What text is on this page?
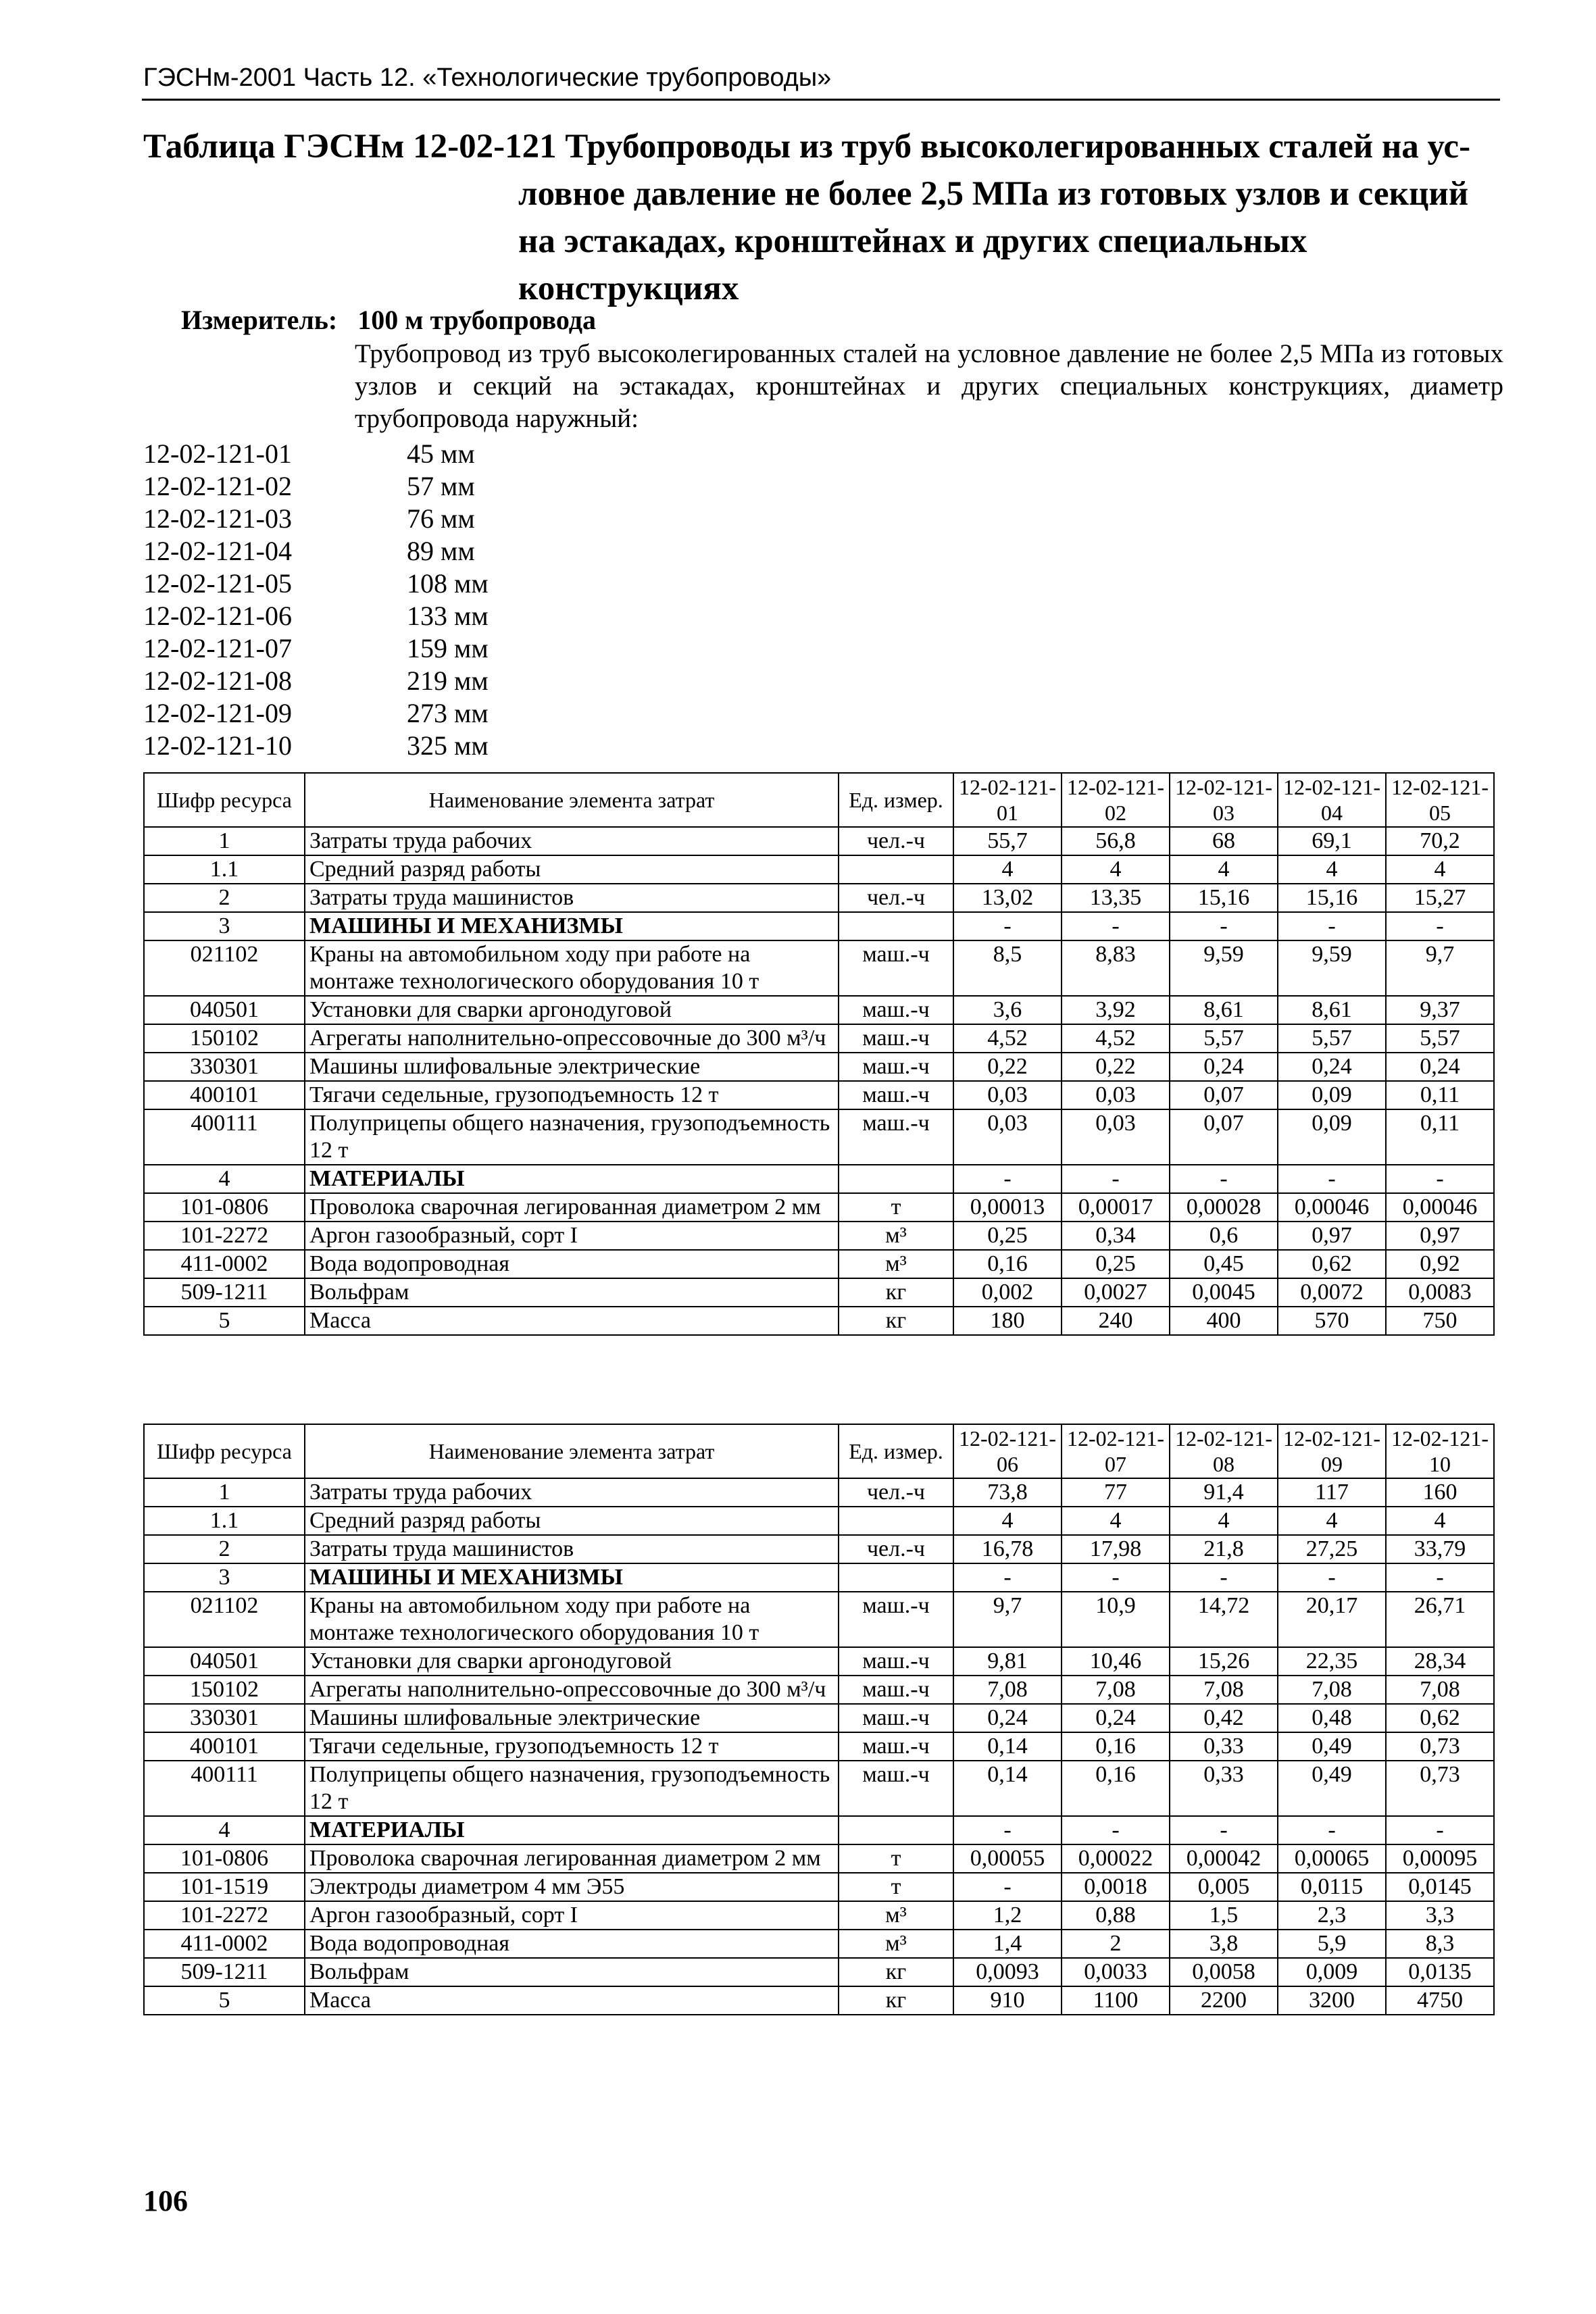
ГЭСНм-2001 Часть 12. «Технологические трубопроводы»
Таблица ГЭСНм 12-02-121 Трубопроводы из труб высоколегированных сталей на ус-
ловное давление не более 2,5 МПа из готовых узлов и секций на эстакадах, кронштейнах и других специальных конструкциях
Измеритель: 100 м трубопровода
Трубопровод из труб высоколегированных сталей на условное давление не более 2,5 МПа из готовых узлов и секций на эстакадах, кронштейнах и других специальных конструкциях, диаметр трубопровода наружный:
12-02-121-01	45 мм
12-02-121-02	57 мм
12-02-121-03	76 мм
12-02-121-04	89 мм
12-02-121-05	108 мм
12-02-121-06	133 мм
12-02-121-07	159 мм
12-02-121-08	219 мм
12-02-121-09	273 мм
12-02-121-10	325 мм
Шифр ресурса	Наименование элемента затрат	Ед. измер.	12-02-121-01	12-02-121-02	12-02-121-03	12-02-121-04	12-02-121-05
1	Затраты труда рабочих	чел.-ч	55,7	56,8	68	69,1	70,2
1.1	Средний разряд работы		4	4	4	4	4
2	Затраты труда машинистов	чел.-ч	13,02	13,35	15,16	15,16	15,27
3	МАШИНЫ И МЕХАНИЗМЫ		-	-	-	-	-
021102	Краны на автомобильном ходу при работе на монтаже технологического оборудования 10 т	маш.-ч	8,5	8,83	9,59	9,59	9,7
040501	Установки для сварки аргонодуговой	маш.-ч	3,6	3,92	8,61	8,61	9,37
150102	Агрегаты наполнительно-опрессовочные до 300 м³/ч	маш.-ч	4,52	4,52	5,57	5,57	5,57
330301	Машины шлифовальные электрические	маш.-ч	0,22	0,22	0,24	0,24	0,24
400101	Тягачи седельные, грузоподъемность 12 т	маш.-ч	0,03	0,03	0,07	0,09	0,11
400111	Полуприцепы общего назначения, грузоподъемность 12 т	маш.-ч	0,03	0,03	0,07	0,09	0,11
4	МАТЕРИАЛЫ		-	-	-	-	-
101-0806	Проволока сварочная легированная диаметром 2 мм	т	0,00013	0,00017	0,00028	0,00046	0,00046
101-2272	Аргон газообразный, сорт I	м³	0,25	0,34	0,6	0,97	0,97
411-0002	Вода водопроводная	м³	0,16	0,25	0,45	0,62	0,92
509-1211	Вольфрам	кг	0,002	0,0027	0,0045	0,0072	0,0083
5	Масса	кг	180	240	400	570	750
Шифр ресурса	Наименование элемента затрат	Ед. измер.	12-02-121-06	12-02-121-07	12-02-121-08	12-02-121-09	12-02-121-10
1	Затраты труда рабочих	чел.-ч	73,8	77	91,4	117	160
1.1	Средний разряд работы		4	4	4	4	4
2	Затраты труда машинистов	чел.-ч	16,78	17,98	21,8	27,25	33,79
3	МАШИНЫ И МЕХАНИЗМЫ		-	-	-	-	-
021102	Краны на автомобильном ходу при работе на монтаже технологического оборудования 10 т	маш.-ч	9,7	10,9	14,72	20,17	26,71
040501	Установки для сварки аргонодуговой	маш.-ч	9,81	10,46	15,26	22,35	28,34
150102	Агрегаты наполнительно-опрессовочные до 300 м³/ч	маш.-ч	7,08	7,08	7,08	7,08	7,08
330301	Машины шлифовальные электрические	маш.-ч	0,24	0,24	0,42	0,48	0,62
400101	Тягачи седельные, грузоподъемность 12 т	маш.-ч	0,14	0,16	0,33	0,49	0,73
400111	Полуприцепы общего назначения, грузоподъемность 12 т	маш.-ч	0,14	0,16	0,33	0,49	0,73
4	МАТЕРИАЛЫ		-	-	-	-	-
101-0806	Проволока сварочная легированная диаметром 2 мм	т	0,00055	0,00022	0,00042	0,00065	0,00095
101-1519	Электроды диаметром 4 мм Э55	т	-	0,0018	0,005	0,0115	0,0145
101-2272	Аргон газообразный, сорт I	м³	1,2	0,88	1,5	2,3	3,3
411-0002	Вода водопроводная	м³	1,4	2	3,8	5,9	8,3
509-1211	Вольфрам	кг	0,0093	0,0033	0,0058	0,009	0,0135
5	Масса	кг	910	1100	2200	3200	4750
106
